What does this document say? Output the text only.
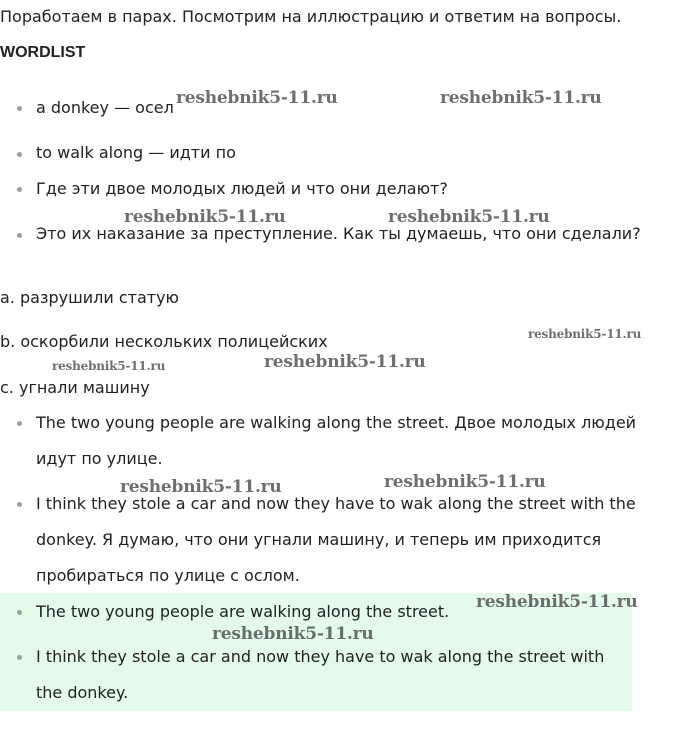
Поработаем в парах. Посмотрим на иллюстрацию и ответим на вопросы.
WORDLIST
a donkey — осел
to walk along — идти по
Где эти двое молодых людей и что они делают?
Это их наказание за преступление. Как ты думаешь, что они сделали?
a. разрушили статую
b. оскорбили нескольких полицейских
c. угнали машину
The two young people are walking along the street. Двое молодых людей
идут по улице.
I think they stole a car and now they have to wak along the street with the
donkey. Я думаю, что они угнали машину, и теперь им приходится
пробираться по улице с ослом.
The two young people are walking along the street.
I think they stole a car and now they have to wak along the street with
the donkey.
reshebnik5-11.ru	reshebnik5-11.ru
reshebnik5-11.ru	reshebnik5-11.ru
reshebnik5-11.ru
reshebnik5-11.ru
reshebnik5-11.ru
reshebnik5-11.ru
reshebnik5-11.ru
reshebnik5-11.ru
reshebnik5-11.ru
